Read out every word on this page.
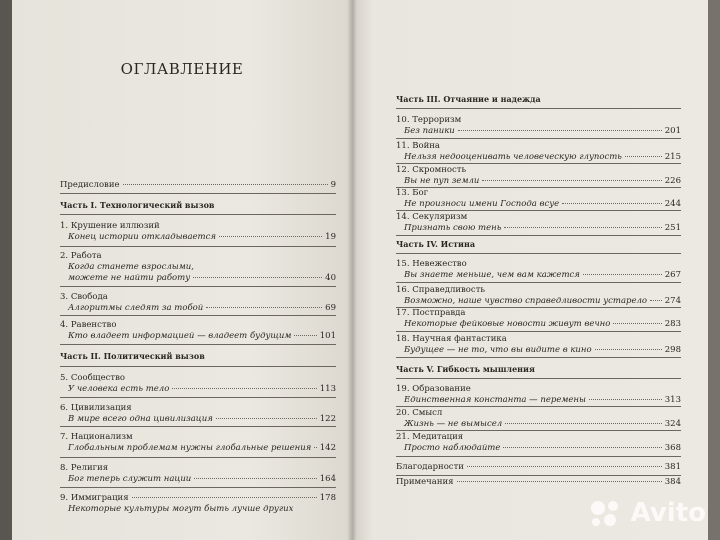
ОГЛАВЛЕНИЕ
Предисловие	9
Часть I. Технологический вызов
1. Крушение иллюзий
Конец истории откладывается	19
2. Работа
Когда станете взрослыми,
можете не найти работу	40
3. Свобода
Алгоритмы следят за тобой	69
4. Равенство
Кто владеет информацией — владеет будущим	101
Часть II. Политический вызов
5. Сообщество
У человека есть тело	113
6. Цивилизация
В мире всего одна цивилизация	122
7. Национализм
Глобальным проблемам нужны глобальные решения 142
8. Религия
Бог теперь служит нации	164
9. Иммиграция	178
Некоторые культуры могут быть лучше других
Часть III. Отчаяние и надежда
10. Терроризм
Без паники	201
11. Война
Нельзя недооценивать человеческую глупость	215
12. Скромность
Вы не пуп земли	226
13. Бог
Не произноси имени Господа всуе	244
14. Секуляризм
Признать свою тень	251
Часть IV. Истина
15. Невежество
Вы знаете меньше, чем вам кажется	267
16. Справедливость
Возможно, наше чувство справедливости устарело 274
17. Постправда
Некоторые фейковые новости живут вечно	283
18. Научная фантастика
Будущее — не то, что вы видите в кино	298
Часть V. Гибкость мышления
19. Образование
Единственная константа — перемены	313
20. Смысл
Жизнь — не вымысел	324
21. Медитация
Просто наблюдайте	368
Благодарности	381
Примечания	384
Avito
